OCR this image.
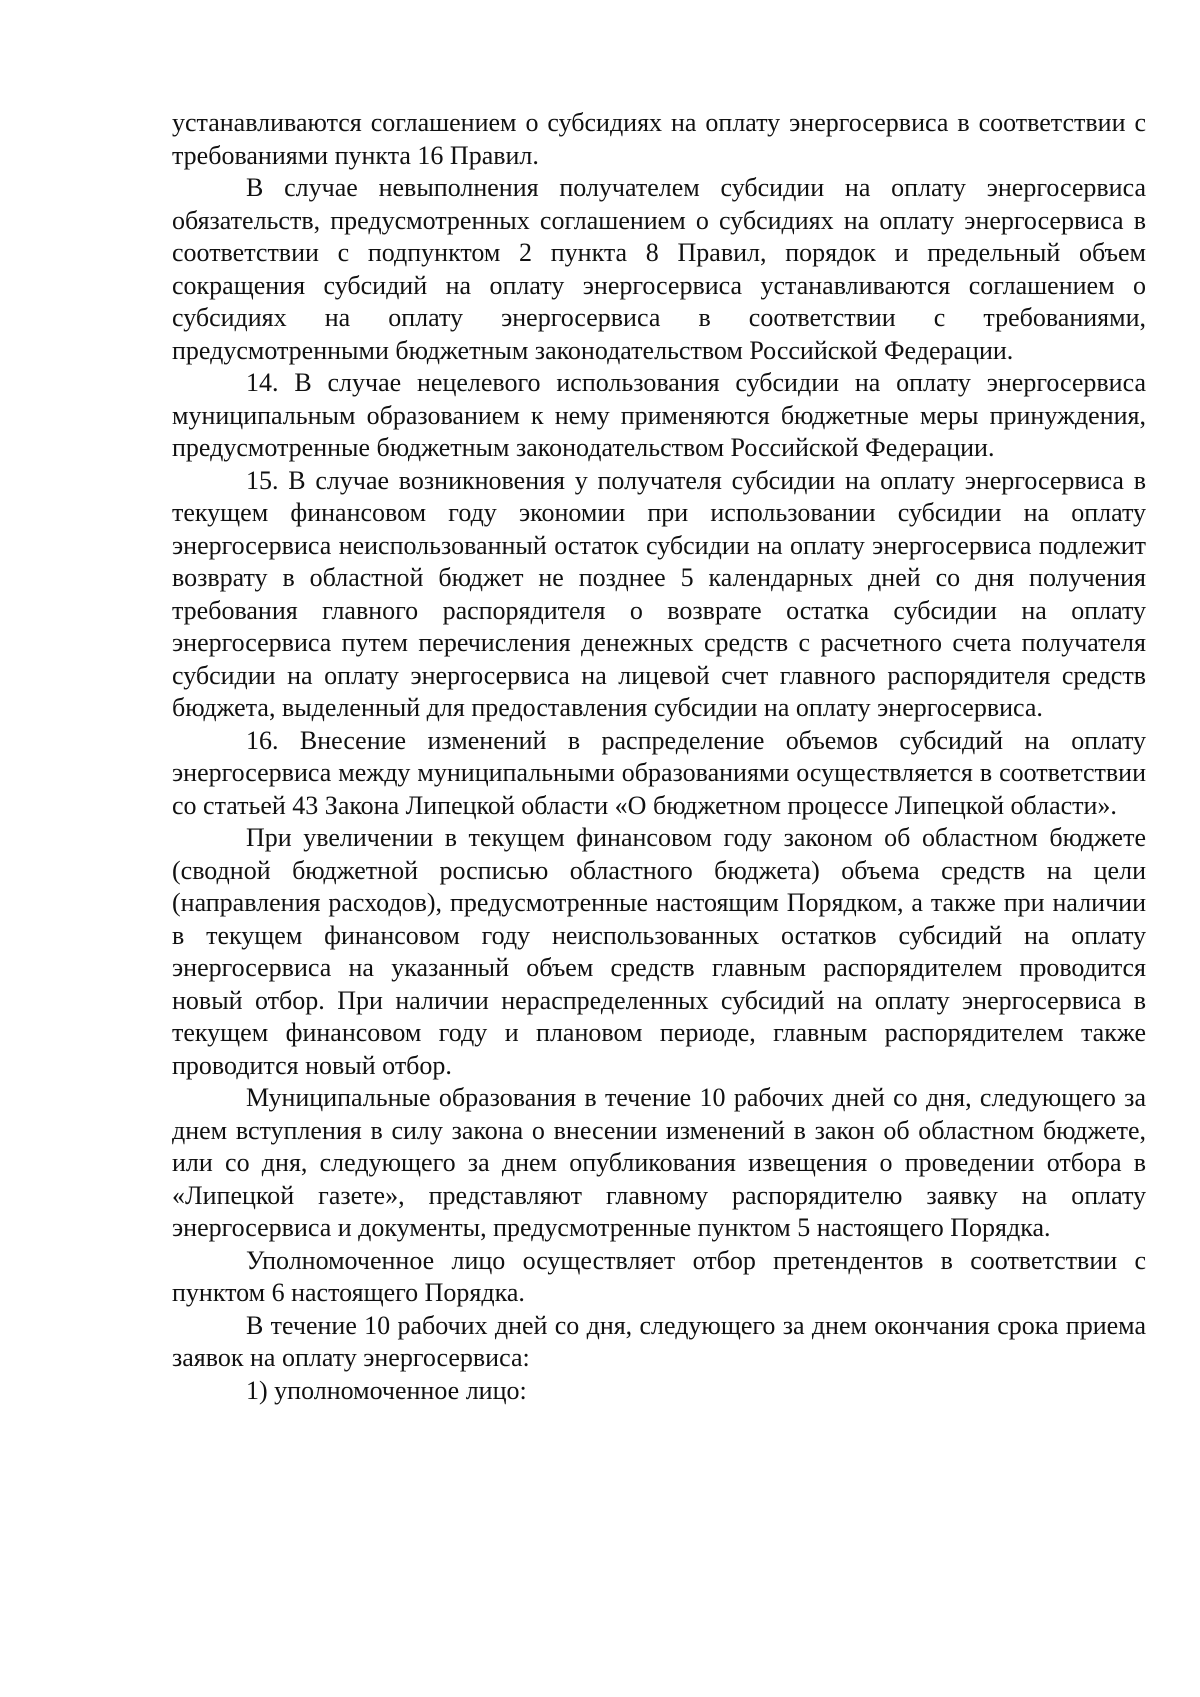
устанавливаются соглашением о субсидиях на оплату энергосервиса в соответствии с требованиями пункта 16 Правил.

В случае невыполнения получателем субсидии на оплату энергосервиса обязательств, предусмотренных соглашением о субсидиях на оплату энергосервиса в соответствии с подпунктом 2 пункта 8 Правил, порядок и предельный объем сокращения субсидий на оплату энергосервиса устанавливаются соглашением о субсидиях на оплату энергосервиса в соответствии с требованиями, предусмотренными бюджетным законодательством Российской Федерации.

14. В случае нецелевого использования субсидии на оплату энергосервиса муниципальным образованием к нему применяются бюджетные меры принуждения, предусмотренные бюджетным законодательством Российской Федерации.

15. В случае возникновения у получателя субсидии на оплату энергосервиса в текущем финансовом году экономии при использовании субсидии на оплату энергосервиса неиспользованный остаток субсидии на оплату энергосервиса подлежит возврату в областной бюджет не позднее 5 календарных дней со дня получения требования главного распорядителя о возврате остатка субсидии на оплату энергосервиса путем перечисления денежных средств с расчетного счета получателя субсидии на оплату энергосервиса на лицевой счет главного распорядителя средств бюджета, выделенный для предоставления субсидии на оплату энергосервиса.

16. Внесение изменений в распределение объемов субсидий на оплату энергосервиса между муниципальными образованиями осуществляется в соответствии со статьей 43 Закона Липецкой области «О бюджетном процессе Липецкой области».

При увеличении в текущем финансовом году законом об областном бюджете (сводной бюджетной росписью областного бюджета) объема средств на цели (направления расходов), предусмотренные настоящим Порядком, а также при наличии в текущем финансовом году неиспользованных остатков субсидий на оплату энергосервиса на указанный объем средств главным распорядителем проводится новый отбор. При наличии нераспределенных субсидий на оплату энергосервиса в текущем финансовом году и плановом периоде, главным распорядителем также проводится новый отбор.

Муниципальные образования в течение 10 рабочих дней со дня, следующего за днем вступления в силу закона о внесении изменений в закон об областном бюджете, или со дня, следующего за днем опубликования извещения о проведении отбора в «Липецкой газете», представляют главному распорядителю заявку на оплату энергосервиса и документы, предусмотренные пунктом 5 настоящего Порядка.

Уполномоченное лицо осуществляет отбор претендентов в соответствии с пунктом 6 настоящего Порядка.

В течение 10 рабочих дней со дня, следующего за днем окончания срока приема заявок на оплату энергосервиса:

1) уполномоченное лицо:
